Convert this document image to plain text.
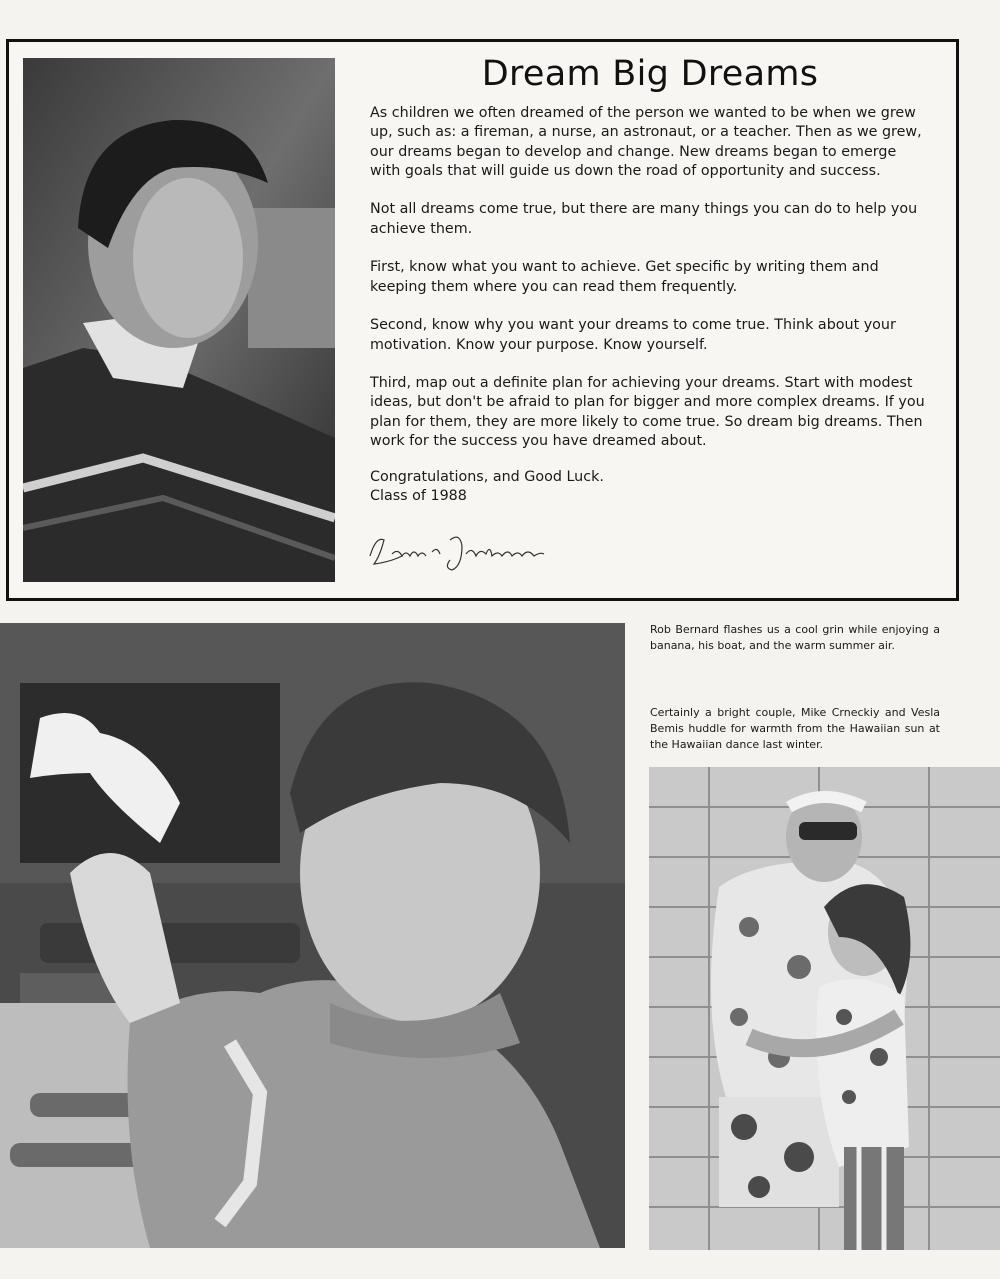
Dream Big Dreams

As children we often dreamed of the person we wanted to be when we grew up, such as: a fireman, a nurse, an astronaut, or a teacher. Then as we grew, our dreams began to develop and change. New dreams began to emerge with goals that will guide us down the road of opportunity and success.

Not all dreams come true, but there are many things you can do to help you achieve them.

First, know what you want to achieve. Get specific by writing them and keeping them where you can read them frequently.

Second, know why you want your dreams to come true. Think about your motivation. Know your purpose. Know yourself.

Third, map out a definite plan for achieving your dreams. Start with modest ideas, but don't be afraid to plan for bigger and more complex dreams. If you plan for them, they are more likely to come true. So dream big dreams. Then work for the success you have dreamed about.

Congratulations, and Good Luck.
Class of 1988
Rob Bernard flashes us a cool grin while enjoying a banana, his boat, and the warm summer air.
Certainly a bright couple, Mike Crneckiy and Vesla Bemis huddle for warmth from the Hawaiian sun at the Hawaiian dance last winter.
